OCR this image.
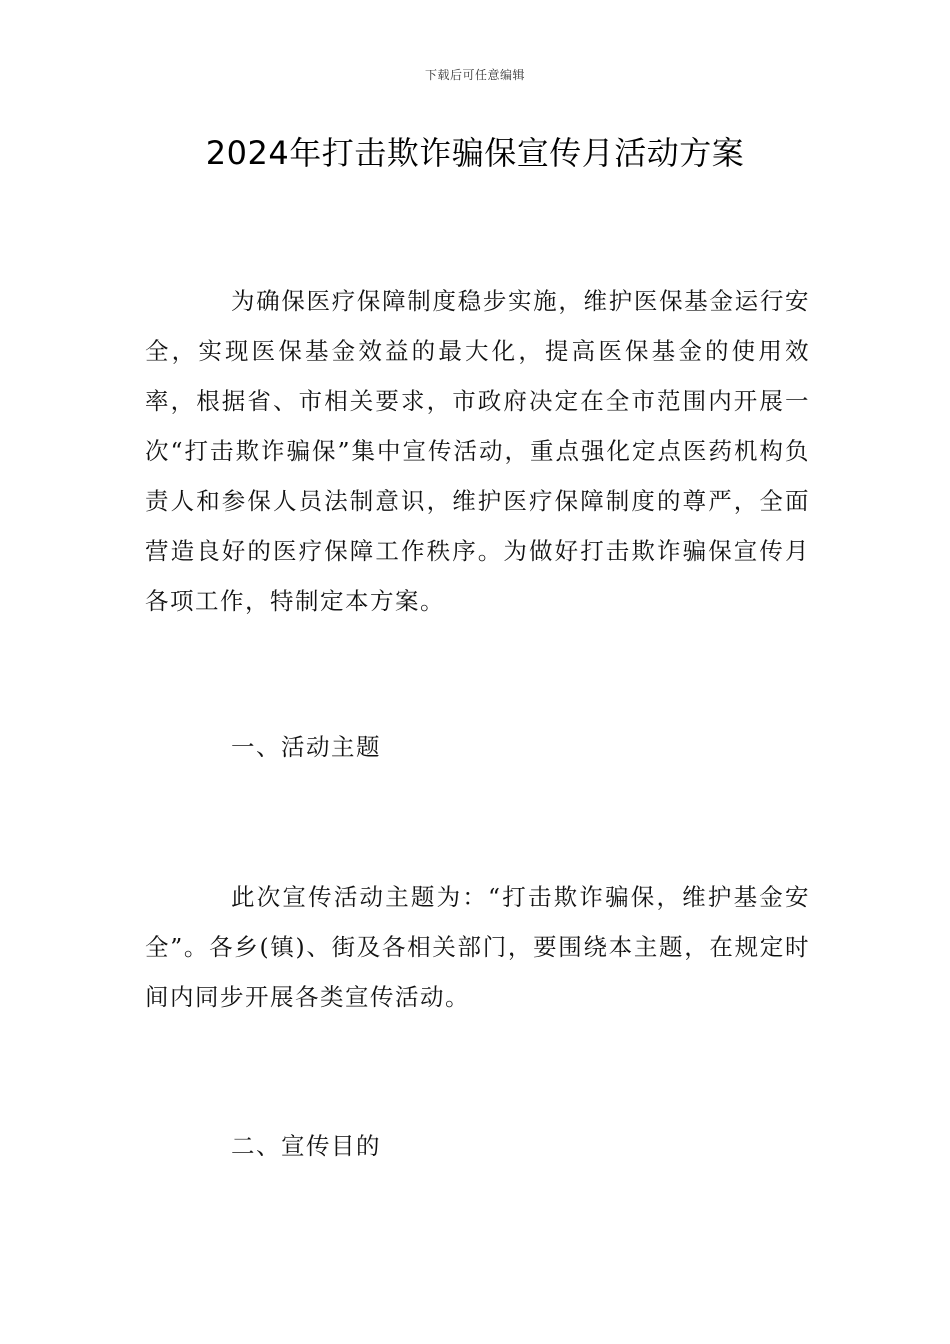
下载后可任意编辑
2024年打击欺诈骗保宣传月活动方案

为确保医疗保障制度稳步实施，维护医保基金运行安全，实现医保基金效益的最大化，提高医保基金的使用效率，根据省、市相关要求，市政府决定在全市范围内开展一次“打击欺诈骗保”集中宣传活动，重点强化定点医药机构负责人和参保人员法制意识，维护医疗保障制度的尊严，全面营造良好的医疗保障工作秩序。为做好打击欺诈骗保宣传月各项工作，特制定本方案。

一、活动主题

此次宣传活动主题为：“打击欺诈骗保，维护基金安全”。各乡(镇)、街及各相关部门，要围绕本主题，在规定时间内同步开展各类宣传活动。

二、宣传目的
